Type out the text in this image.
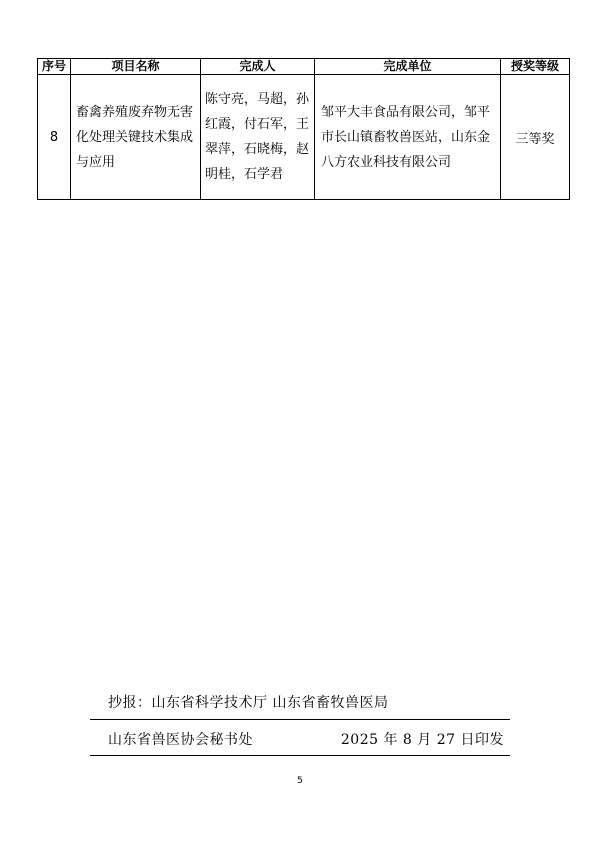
序号	项目名称	完成人	完成单位	授奖等级
8	畜禽养殖废弃物无害化处理关键技术集成与应用	陈守亮，马超，孙红霞，付石军，王翠萍，石晓梅，赵明桂，石学君	邹平大丰食品有限公司，邹平市长山镇畜牧兽医站，山东金八方农业科技有限公司	三等奖
抄报：山东省科学技术厅 山东省畜牧兽医局
山东省兽医协会秘书处	2025 年 8 月 27 日印发
5
